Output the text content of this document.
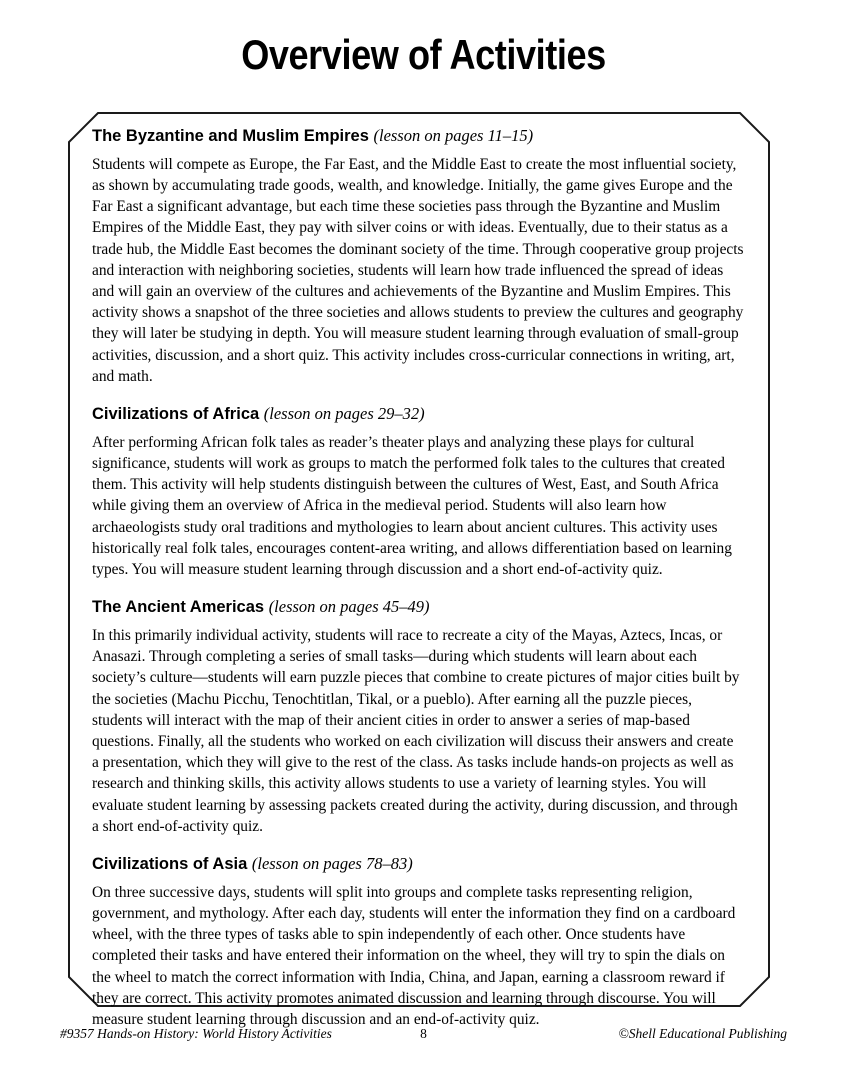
Overview of Activities
The Byzantine and Muslim Empires (lesson on pages 11–15)

Students will compete as Europe, the Far East, and the Middle East to create the most influential society, as shown by accumulating trade goods, wealth, and knowledge. Initially, the game gives Europe and the Far East a significant advantage, but each time these societies pass through the Byzantine and Muslim Empires of the Middle East, they pay with silver coins or with ideas. Eventually, due to their status as a trade hub, the Middle East becomes the dominant society of the time. Through cooperative group projects and interaction with neighboring societies, students will learn how trade influenced the spread of ideas and will gain an overview of the cultures and achievements of the Byzantine and Muslim Empires. This activity shows a snapshot of the three societies and allows students to preview the cultures and geography they will later be studying in depth. You will measure student learning through evaluation of small-group activities, discussion, and a short quiz. This activity includes cross-curricular connections in writing, art, and math.

Civilizations of Africa (lesson on pages 29–32)

After performing African folk tales as reader’s theater plays and analyzing these plays for cultural significance, students will work as groups to match the performed folk tales to the cultures that created them. This activity will help students distinguish between the cultures of West, East, and South Africa while giving them an overview of Africa in the medieval period. Students will also learn how archaeologists study oral traditions and mythologies to learn about ancient cultures. This activity uses historically real folk tales, encourages content-area writing, and allows differentiation based on learning types. You will measure student learning through discussion and a short end-of-activity quiz.

The Ancient Americas (lesson on pages 45–49)

In this primarily individual activity, students will race to recreate a city of the Mayas, Aztecs, Incas, or Anasazi. Through completing a series of small tasks—during which students will learn about each society’s culture—students will earn puzzle pieces that combine to create pictures of major cities built by the societies (Machu Picchu, Tenochtitlan, Tikal, or a pueblo). After earning all the puzzle pieces, students will interact with the map of their ancient cities in order to answer a series of map-based questions. Finally, all the students who worked on each civilization will discuss their answers and create a presentation, which they will give to the rest of the class. As tasks include hands-on projects as well as research and thinking skills, this activity allows students to use a variety of learning styles. You will evaluate student learning by assessing packets created during the activity, during discussion, and through a short end-of-activity quiz.

Civilizations of Asia (lesson on pages 78–83)

On three successive days, students will split into groups and complete tasks representing religion, government, and mythology. After each day, students will enter the information they find on a cardboard wheel, with the three types of tasks able to spin independently of each other. Once students have completed their tasks and have entered their information on the wheel, they will try to spin the dials on the wheel to match the correct information with India, China, and Japan, earning a classroom reward if they are correct. This activity promotes animated discussion and learning through discourse. You will measure student learning through discussion and an end-of-activity quiz.

#9357 Hands-on History: World History Activities	8	©Shell Educational Publishing
